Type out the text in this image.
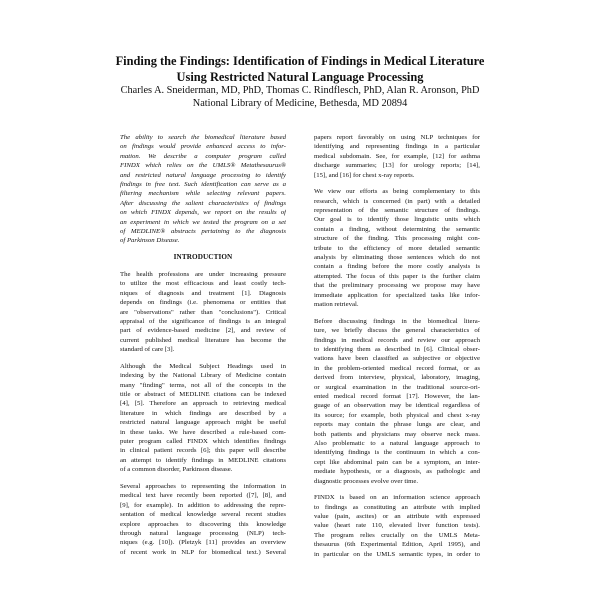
Finding the Findings: Identification of Findings in Medical Literature
Using Restricted Natural Language Processing
Charles A. Sneiderman, MD, PhD, Thomas C. Rindflesch, PhD, Alan R. Aronson, PhD
National Library of Medicine, Bethesda, MD 20894

The ability to search the biomedical literature based
on findings would provide enhanced access to infor-
mation. We describe a computer program called
FINDX which relies on the UMLS® Metathesaurus®
and restricted natural language processing to identify
findings in free text. Such identification can serve as a
filtering mechanism while selecting relevant papers.
After discussing the salient characteristics of findings
on which FINDX depends, we report on the results of
an experiment in which we tested the program on a set
of MEDLINE® abstracts pertaining to the diagnosis
of Parkinson Disease.

INTRODUCTION

The health professions are under increasing pressure
to utilize the most efficacious and least costly tech-
niques of diagnosis and treatment [1]. Diagnosis
depends on findings (i.e. phenomena or entities that
are "observations" rather than "conclusions"). Critical
appraisal of the significance of findings is an integral
part of evidence-based medicine [2], and review of
current published medical literature has become the
standard of care [3].

Although the Medical Subject Headings used in
indexing by the National Library of Medicine contain
many "finding" terms, not all of the concepts in the
title or abstract of MEDLINE citations can be indexed
[4], [5]. Therefore an approach to retrieving medical
literature in which findings are described by a
restricted natural language approach might be useful
in these tasks. We have described a rule-based com-
puter program called FINDX which identifies findings
in clinical patient records [6]; this paper will describe
an attempt to identify findings in MEDLINE citations
of a common disorder, Parkinson disease.

Several approaches to representing the information in
medical text have recently been reported ([7], [8], and
[9], for example). In addition to addressing the repre-
sentation of medical knowledge several recent studies
explore approaches to discovering this knowledge
through natural language processing (NLP) tech-
niques (e.g. [10]). (Pletzyk [11] provides an overview
of recent work in NLP for biomedical text.) Several

papers report favorably on using NLP techniques for
identifying and representing findings in a particular
medical subdomain. See, for example, [12] for asthma
discharge summaries; [13] for urology reports; [14],
[15], and [16] for chest x-ray reports.

We view our efforts as being complementary to this
research, which is concerned (in part) with a detailed
representation of the semantic structure of findings.
Our goal is to identify those linguistic units which
contain a finding, without determining the semantic
structure of the finding. This processing might con-
tribute to the efficiency of more detailed semantic
analysis by eliminating those sentences which do not
contain a finding before the more costly analysis is
attempted. The focus of this paper is the further claim
that the preliminary processing we propose may have
immediate application for specialized tasks like infor-
mation retrieval.

Before discussing findings in the biomedical litera-
ture, we briefly discuss the general characteristics of
findings in medical records and review our approach
to identifying them as described in [6]. Clinical obser-
vations have been classified as subjective or objective
in the problem-oriented medical record format, or as
derived from interview, physical, laboratory, imaging,
or surgical examination in the traditional source-ori-
ented medical record format [17]. However, the lan-
guage of an observation may be identical regardless of
its source; for example, both physical and chest x-ray
reports may contain the phrase lungs are clear, and
both patients and physicians may observe neck mass.
Also problematic to a natural language approach to
identifying findings is the continuum in which a con-
cept like abdominal pain can be a symptom, an inter-
mediate hypothesis, or a diagnosis, as pathologic and
diagnostic processes evolve over time.

FINDX is based on an information science approach
to findings as constituting an attribute with implied
value (pain, ascites) or an attribute with expressed
value (heart rate 110, elevated liver function tests).
The program relies crucially on the UMLS Meta-
thesaurus (6th Experimental Edition, April 1995), and
in particular on the UMLS semantic types, in order to
